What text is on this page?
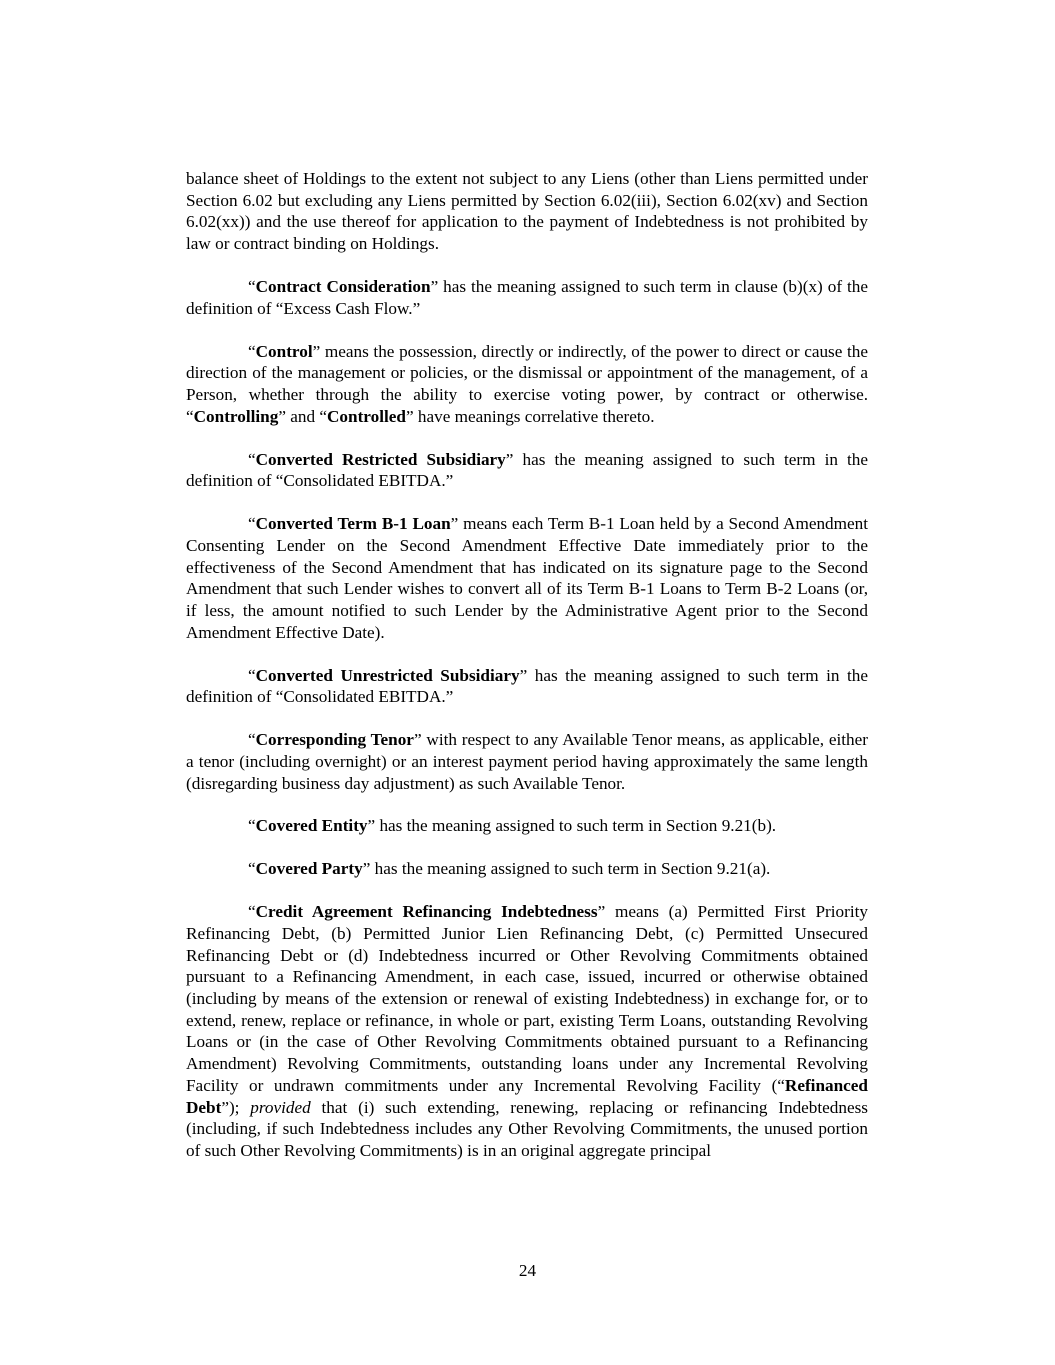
balance sheet of Holdings to the extent not subject to any Liens (other than Liens permitted under Section 6.02 but excluding any Liens permitted by Section 6.02(iii), Section 6.02(xv) and Section 6.02(xx)) and the use thereof for application to the payment of Indebtedness is not prohibited by law or contract binding on Holdings.

“Contract Consideration” has the meaning assigned to such term in clause (b)(x) of the definition of “Excess Cash Flow.”

“Control” means the possession, directly or indirectly, of the power to direct or cause the direction of the management or policies, or the dismissal or appointment of the management, of a Person, whether through the ability to exercise voting power, by contract or otherwise. “Controlling” and “Controlled” have meanings correlative thereto.

“Converted Restricted Subsidiary” has the meaning assigned to such term in the definition of “Consolidated EBITDA.”

“Converted Term B-1 Loan” means each Term B-1 Loan held by a Second Amendment Consenting Lender on the Second Amendment Effective Date immediately prior to the effectiveness of the Second Amendment that has indicated on its signature page to the Second Amendment that such Lender wishes to convert all of its Term B-1 Loans to Term B-2 Loans (or, if less, the amount notified to such Lender by the Administrative Agent prior to the Second Amendment Effective Date).

“Converted Unrestricted Subsidiary” has the meaning assigned to such term in the definition of “Consolidated EBITDA.”

“Corresponding Tenor” with respect to any Available Tenor means, as applicable, either a tenor (including overnight) or an interest payment period having approximately the same length (disregarding business day adjustment) as such Available Tenor.

“Covered Entity” has the meaning assigned to such term in Section 9.21(b).

“Covered Party” has the meaning assigned to such term in Section 9.21(a).

“Credit Agreement Refinancing Indebtedness” means (a) Permitted First Priority Refinancing Debt, (b) Permitted Junior Lien Refinancing Debt, (c) Permitted Unsecured Refinancing Debt or (d) Indebtedness incurred or Other Revolving Commitments obtained pursuant to a Refinancing Amendment, in each case, issued, incurred or otherwise obtained (including by means of the extension or renewal of existing Indebtedness) in exchange for, or to extend, renew, replace or refinance, in whole or part, existing Term Loans, outstanding Revolving Loans or (in the case of Other Revolving Commitments obtained pursuant to a Refinancing Amendment) Revolving Commitments, outstanding loans under any Incremental Revolving Facility or undrawn commitments under any Incremental Revolving Facility (“Refinanced Debt”); provided that (i) such extending, renewing, replacing or refinancing Indebtedness (including, if such Indebtedness includes any Other Revolving Commitments, the unused portion of such Other Revolving Commitments) is in an original aggregate principal

24
